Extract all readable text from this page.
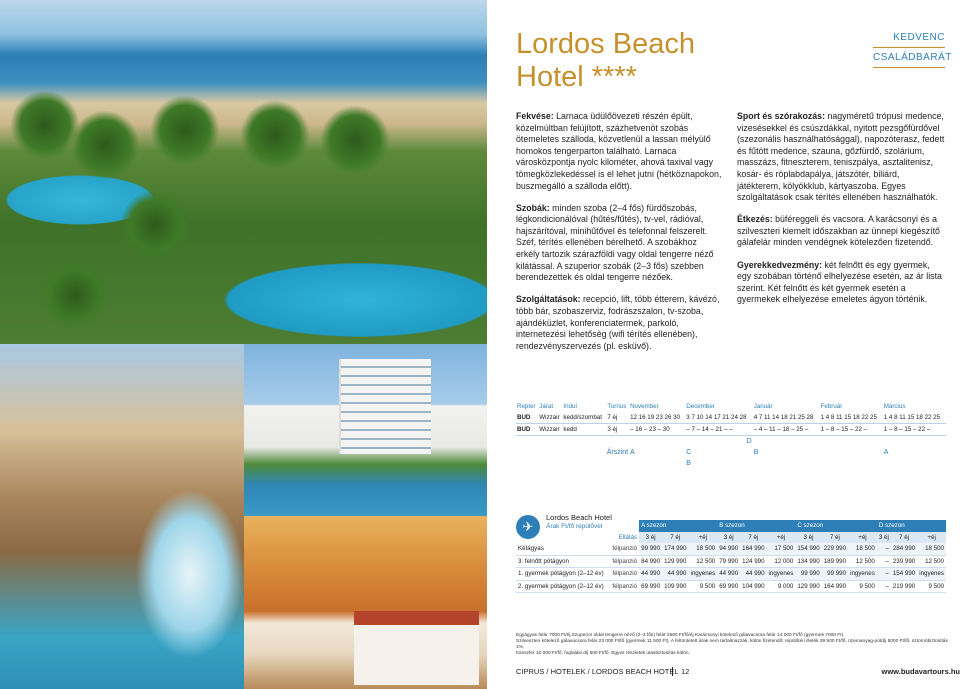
Lordos Beach
Hotel ****
KEDVENC
CSALÁDBARÁT

Fekvése: Larnaca üdülőövezeti részén épült, közelmúltban felújított, százhetvenöt szobás ötemeletes szálloda, közvetlenül a lassan mélyülő homokos tengerparton található. Larnaca városközpontja nyolc kilométer, ahová taxival vagy tömegközlekedéssel is el lehet jutni (hétköznapokon, buszmegálló a szálloda előtt).

Szobák: minden szoba (2–4 fős) fürdőszobás, légkondicionálóval (hűtés/fűtés), tv-vel, rádióval, hajszárítóval, minihűtővel és telefonnal felszerelt. Széf, térítés ellenében bérelhető. A szobákhoz erkély tartozik szárazföldi vagy oldal tengerre néző kilátással. A szuperior szobák (2–3 fős) szebben berendezettek és oldal tengerre nézőek.

Szolgáltatások: recepció, lift, több étterem, kávézó, több bár, szobaszerviz, fodrászszalon, tv-szoba, ajándéküzlet, konferenciatermek, parkoló, internetezési lehetőség (wifi térítés ellenében), rendezvényszervezés (pl. esküvő).

Sport és szórakozás: nagyméretű trópusi medence, vizesésekkel és csúszdákkal, nyitott pezsgőfürdővel (szezonális használhatósággal), napozóterasz, fedett és fűtött medence, szauna, gőzfürdő, szolárium, masszázs, fitneszterem, teniszpálya, asztalitenisz, kosár- és röplabdapálya, játszótér, biliárd, játékterem, kölyökklub, kártyaszoba. Egyes szolgáltatások csak térítés ellenében használhatók.

Étkezés: büféreggeli és vacsora. A karácsonyi és a szilveszteri kiemelt időszakban az ünnepi kiegészítő gálafelár minden vendégnek kötelezően fizetendő.

Gyerekkedvezmény: két felnőtt és egy gyermek, egy szobában történő elhelyezése esetén, az ár lista szerint. Két felnőtt és két gyermek esetén a gyermekek elhelyezése emeletes ágyon történik.

Repter	Járat	Indul	Turnus	November	December	Január	Február	Március
BUD	Wizzair	kedd/szombat	7 éj	12 16 19 23 26 30	3 7 10 14 17 21 24 28	4 7 11 14 18 21 25 28	1 4 8 11 15 18 22 25	1 4 8 11 15 18 22 25
BUD	Wizzair	kedd	3 éj	– 16 – 23 – 30	– 7 – 14 – 21 – –	– 4 – 11 – 18 – 25 –	1 – 8 – 15 – 22 –	1 – 8 – 15 – 22 –
					D			
Árszint				A	C	B		A
					B			
✈
Lordos Beach Hotel
Árak Ft/fő repülővel
			A szezon			B szezon			C szezon			D szezon		
	Ellátás	3 éj	7 éj	+éj	3 éj	7 éj	+éj	3 éj	7 éj	+éj	3 éj	7 éj	+éj
Kétágyas	félpanzió	99 990	174 990	18 500	94 990	164 990	17 500	154 990	229 990	18 500	–	284 990	18 500
3. felnőtt pótágyon	félpanzió	84 990	129 990	12 500	79 990	124 990	12 000	134 990	189 990	12 500	–	239 990	12 500
1. gyermek pótágyon (2–12 év)	félpanzió	44 990	44 990	ingyenes	44 990	44 990	ingyenes	99 990	99 990	ingyenes	–	154 990	ingyenes
2. gyermek pótágyon (2–12 év)	félpanzió	69 990	109 990	9 500	69 990	104 990	9 000	129 990	164 990	9 500	–	219 990	9 500

Egyágyas felár 7000 Ft/éj.Szuperior oldal tengerre néző (2–3 fős) felár 2500 Ft/fő/éj.Karácsonyi kötelező gálavacsora felár 14 000 Ft/fő (gyermek 7000 Ft).

Szilveszteri kötelező gálavacsora felár 23 000 Ft/fő (gyermek 11 500 Ft). A feltüntetett árak nem tartalmazzák, külön fizetendő: repülőtéri illeték 39 500 Ft/fő, üzemanyag-pótdíj 5000 Ft/fő, sztornóbiztosítás 1%,

transzfer 10 000 Ft/fő, foglalási díj 500 Ft/fő. Egyes részletek utasbiztosítás külön.

CIPRUS / HOTELEK / LORDOS BEACH HOTEL 12	www.budavartours.hu
